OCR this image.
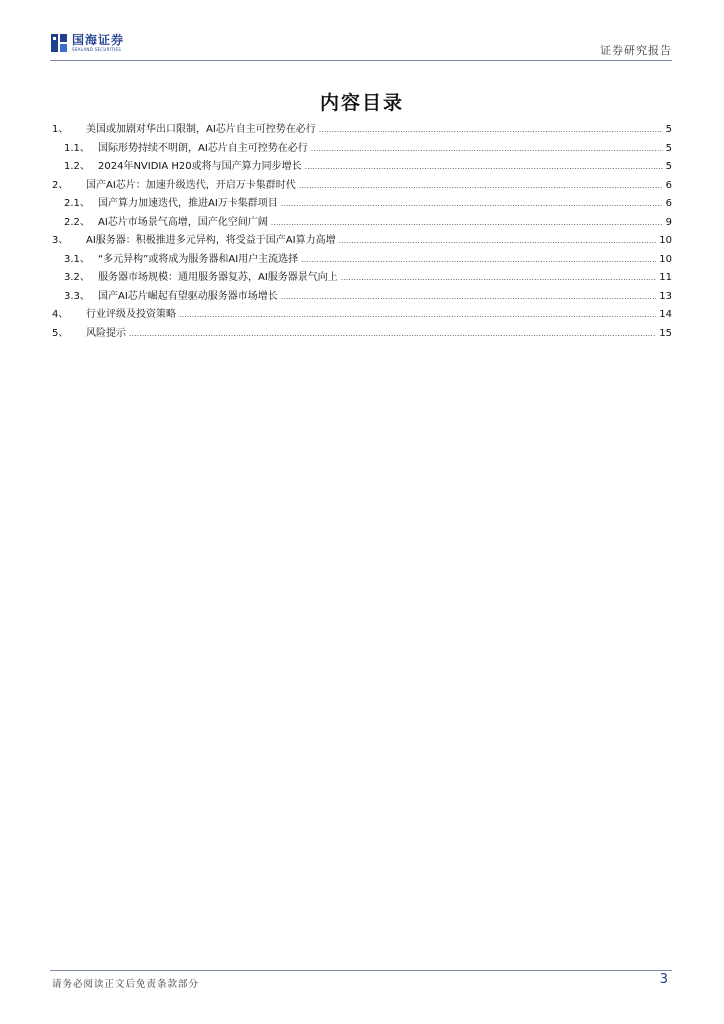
国海证券
SEALAND SECURITIES	证券研究报告
内容目录
1、	美国或加剧对华出口限制，AI芯片自主可控势在必行 .....	5
1.1、 国际形势持续不明朗，AI芯片自主可控势在必行 .....	5
1.2、 2024年NVIDIA H20或将与国产算力同步增长 .....	5
2、	国产AI芯片：加速升级迭代，开启万卡集群时代 .....	6
2.1、 国产算力加速迭代，推进AI万卡集群项目 .....	6
2.2、 AI芯片市场景气高增，国产化空间广阔 .....	9
3、	AI服务器：积极推进多元异构，将受益于国产AI算力高增 .....	10
3.1、 “多元异构”或将成为服务器和AI用户主流选择 .....	10
3.2、 服务器市场规模：通用服务器复苏，AI服务器景气向上 .....	11
3.3、 国产AI芯片崛起有望驱动服务器市场增长 .....	13
4、	行业评级及投资策略 .....	14
5、	风险提示 .....	15
请务必阅读正文后免责条款部分	3
